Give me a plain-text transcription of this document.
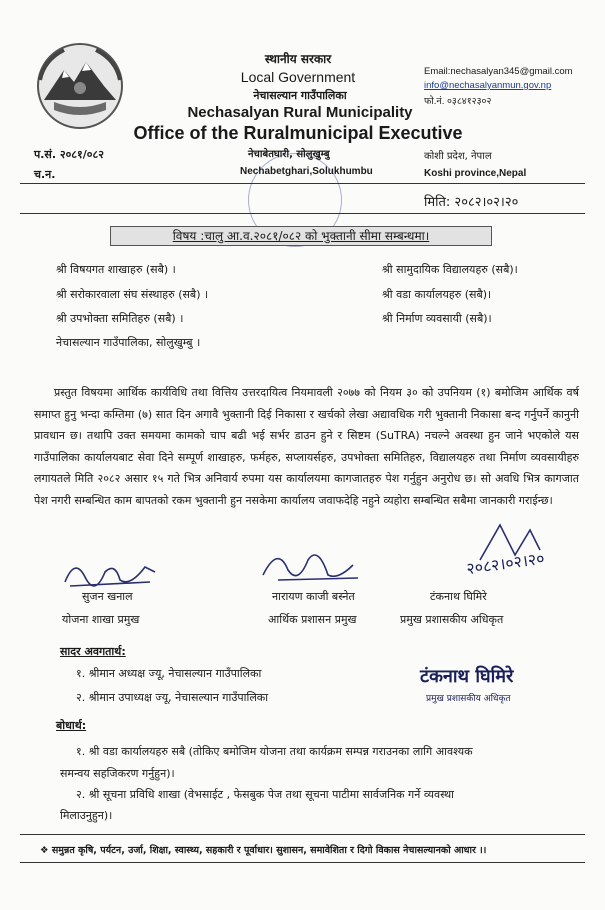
स्थानीय सरकार
Local Government
नेचासल्यान गाउँपालिका
Nechasalyan Rural Municipality
Office of the Ruralmunicipal Executive
Email:nechasalyan345@gmail.com
info@nechasalyanmun.gov.np
फो.नं. ०३८४१२३०२
प.सं. २०८१/०८२
च.न.
नेचाबेतघारी, सोलुखुम्बु
Nechabetghari,Solukhumbu
कोशी प्रदेश, नेपाल
Koshi province,Nepal
मिति: २०८२।०२।२०
विषय :चालु आ.व.२०८१/०८२ को भुक्तानी सीमा सम्बन्धमा।
श्री विषयगत शाखाहरु (सबै) ।
श्री सरोकारवाला संघ संस्थाहरु (सबै) ।
श्री उपभोक्ता समितिहरु (सबै) ।
नेचासल्यान गाउँपालिका, सोलुखुम्बु ।
श्री सामुदायिक विद्यालयहरु (सबै)।
श्री वडा कार्यालयहरु (सबै)।
श्री निर्माण व्यवसायी (सबै)।
प्रस्तुत विषयमा आर्थिक कार्यविधि तथा वित्तिय उत्तरदायित्व नियमावली २०७७ को नियम ३० को उपनियम (१) बमोजिम आर्थिक वर्ष समाप्त हुनु भन्दा कम्तिमा (७) सात दिन अगावै भुक्तानी दिई निकासा र खर्चको लेखा अद्यावधिक गरी भुक्तानी निकासा बन्द गर्नुपर्ने कानुनी प्रावधान छ। तथापि उक्त समयमा कामको चाप बढी भई सर्भर डाउन हुने र सिष्टम (SuTRA) नचल्ने अवस्था हुन जाने भएकोले यस गाउँपालिका कार्यालयबाट सेवा दिने सम्पूर्ण शाखाहरु, फर्महरु, सप्लायर्सहरु, उपभोक्ता समितिहरु, विद्यालयहरु तथा निर्माण व्यवसायीहरु लगायतले मिति २०८२ असार १५ गते भित्र अनिवार्य रुपमा यस कार्यालयमा कागजातहरु पेश गर्नुहुन अनुरोध छ। सो अवधि भित्र कागजात पेश नगरी सम्बन्धित काम बापतको रकम भुक्तानी हुन नसकेमा कार्यालय जवाफदेहि नहुने व्यहोरा सम्बन्धित सबैमा जानकारी गराईन्छ।
२०८२।०२।२०
सुजन खनाल
योजना शाखा प्रमुख
नारायण काजी बस्नेत
आर्थिक प्रशासन प्रमुख
टंकनाथ घिमिरे
प्रमुख प्रशासकीय अधिकृत
सादर अवगतार्थ:
१. श्रीमान अध्यक्ष ज्यू, नेचासल्यान गाउँपालिका
२. श्रीमान उपाध्यक्ष ज्यू, नेचासल्यान गाउँपालिका
टंकनाथ घिमिरे
प्रमुख प्रशासकीय अधिकृत
बोधार्थ:
१. श्री वडा कार्यालयहरु सबै (तोकिए बमोजिम योजना तथा कार्यक्रम सम्पन्न गराउनका लागि आवश्यक
समन्वय सहजिकरण गर्नुहुन)।
२. श्री सूचना प्रविधि शाखा (वेभसाईट , फेसबुक पेज तथा सूचना पाटीमा सार्वजनिक गर्ने व्यवस्था
मिलाउनुहुन)।
❖ समुन्नत कृषि, पर्यटन, उर्जा, शिक्षा, स्वास्थ्य, सहकारी र पूर्वाधार। सुशासन, समावेशिता र दिगो विकास नेचासल्यानको आधार ।।
